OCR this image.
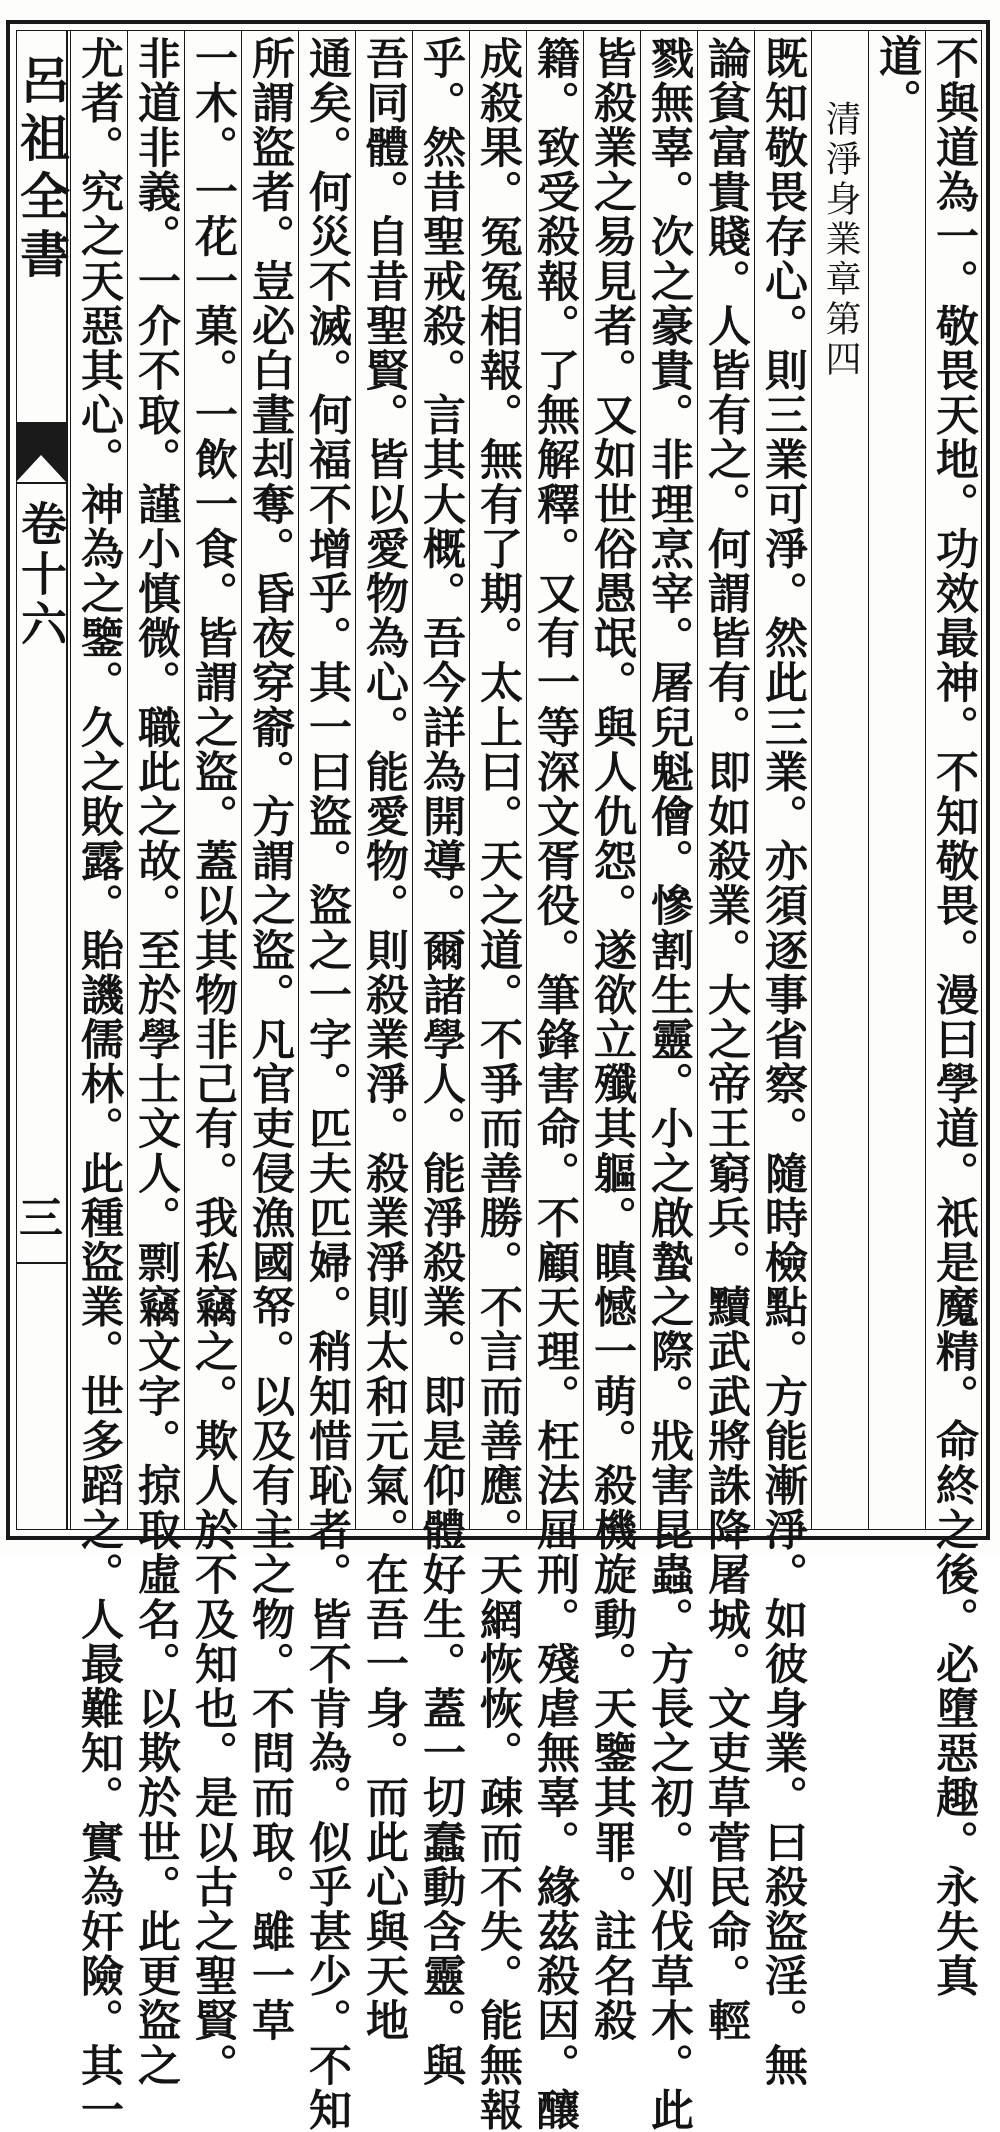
呂祖全書
卷十六
三	不與道為一。敬畏天地。功效最神。不知敬畏。漫曰學道。祇是魔精。命終之後。必墮惡趣。永失真
道。
清淨身業章第四
既知敬畏存心。則三業可淨。然此三業。亦須逐事省察。隨時檢點。方能漸淨。如彼身業。曰殺盜淫。無
論貧富貴賤。人皆有之。何謂皆有。即如殺業。大之帝王窮兵。黷武武將誅降屠城。文吏草菅民命。輕
戮無辜。次之豪貴。非理烹宰。屠兒魁儈。慘割生靈。小之啟蟄之際。戕害昆蟲。方長之初。刈伐草木。此
皆殺業之易見者。又如世俗愚氓。與人仇怨。遂欲立殲其軀。瞋憾一萌。殺機旋動。天鑒其罪。註名殺
籍。致受殺報。了無解釋。又有一等深文胥役。筆鋒害命。不顧天理。枉法屈刑。殘虐無辜。緣茲殺因。釀
成殺果。冤冤相報。無有了期。太上曰。天之道。不爭而善勝。不言而善應。天網恢恢。疎而不失。能無報
乎。然昔聖戒殺。言其大概。吾今詳為開導。爾諸學人。能淨殺業。即是仰體好生。蓋一切蠢動含靈。與
吾同體。自昔聖賢。皆以愛物為心。能愛物。則殺業淨。殺業淨則太和元氣。在吾一身。而此心與天地
通矣。何災不滅。何福不增乎。其一曰盜。盜之一字。匹夫匹婦。稍知惜恥者。皆不肯為。似乎甚少。不知
所謂盜者。豈必白晝刦奪。昏夜穿窬。方謂之盜。凡官吏侵漁國帑。以及有主之物。不問而取。雖一草
一木。一花一菓。一飲一食。皆謂之盜。蓋以其物非己有。我私竊之。欺人於不及知也。是以古之聖賢。
非道非義。一介不取。謹小慎微。職此之故。至於學士文人。剽竊文字。掠取虛名。以欺於世。此更盜之
尤者。究之天惡其心。神為之鑒。久之敗露。貽譏儒林。此種盜業。世多蹈之。人最難知。實為奸險。其一
